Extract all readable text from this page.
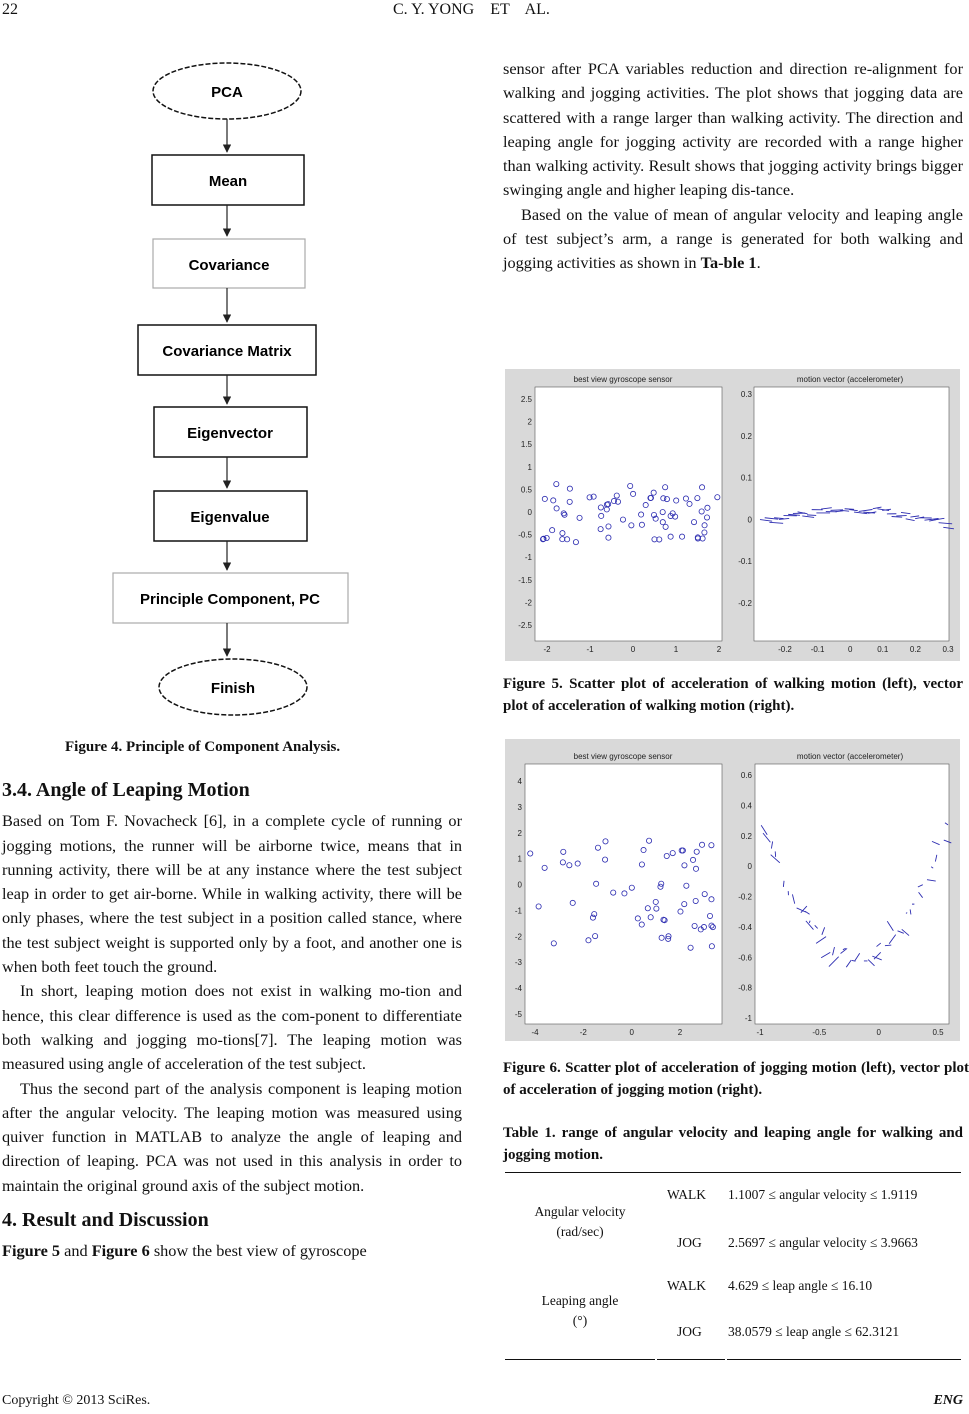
22	C. Y. YONG    ET    AL.
PCA
Mean
Covariance
Covariance Matrix
Eigenvector
Eigenvalue
Principle Component, PC
Finish
Figure 4. Principle of Component Analysis.

3.4. Angle of Leaping Motion

Based on Tom F. Novacheck [6], in a complete cycle of running or jogging motions, the runner will be airborne twice, means that in running activity, there will be at any instance where the test subject leap in order to get air-borne. While in walking activity, there will be only phases, where the test subject in a position called stance, where the test subject weight is supported only by a foot, and another one is when both feet touch the ground.

In short, leaping motion does not exist in walking mo-tion and hence, this clear difference is used as the com-ponent to differentiate both walking and jogging mo-tions[7]. The leaping motion was measured using angle of acceleration of the test subject.

Thus the second part of the analysis component is leaping motion after the angular velocity. The leaping motion was measured using quiver function in MATLAB to analyze the angle of leaping and direction of leaping. PCA was not used in this analysis in order to maintain the original ground axis of the subject motion.

4. Result and Discussion

Figure 5 and Figure 6 show the best view of gyroscope

sensor after PCA variables reduction and direction re-alignment for walking and jogging activities. The plot shows that jogging data are scattered with a range larger than walking activity. The direction and leaping angle for jogging activity are recorded with a range higher than walking activity. Result shows that jogging activity brings bigger swinging angle and higher leaping dis-tance.

Based on the value of mean of angular velocity and leaping angle of test subject’s arm, a range is generated for both walking and jogging activities as shown in Ta-ble 1.

best view gyroscope sensor	motion vector (accelerometer)
2.5
2
1.5
1
0.5
0
-0.5
-1
-1.5
-2
-2.5
-2	-1	0	1	2
0.3
0.2
0.1
0
-0.1
-0.2
-0.2 -0.1	0	0.1	0.2	0.3
Figure 5. Scatter plot of acceleration of walking motion (left), vector plot of acceleration of walking motion (right).
best view gyroscope sensor	motion vector (accelerometer)
4
3
2
1
0
-1
-2
-3
-4
-5
-4	-2	0	2
0.6
0.4
0.2
0
-0.2
-0.4
-0.6
-0.8
-1
-1	-0.5	0	0.5
Figure 6. Scatter plot of acceleration of jogging motion (left), vector plot of acceleration of jogging motion (right).
Table 1. range of angular velocity and leaping angle for walking and jogging motion.
Angular velocity
(rad/sec)
WALK 1.1007 ≤ angular velocity ≤ 1.9119
JOG 2.5697 ≤ angular velocity ≤ 3.9663
Leaping angle
(°)
WALK 4.629 ≤ leap angle ≤ 16.10
JOG 38.0579 ≤ leap angle ≤ 62.3121
Copyright © 2013 SciRes.	ENG
